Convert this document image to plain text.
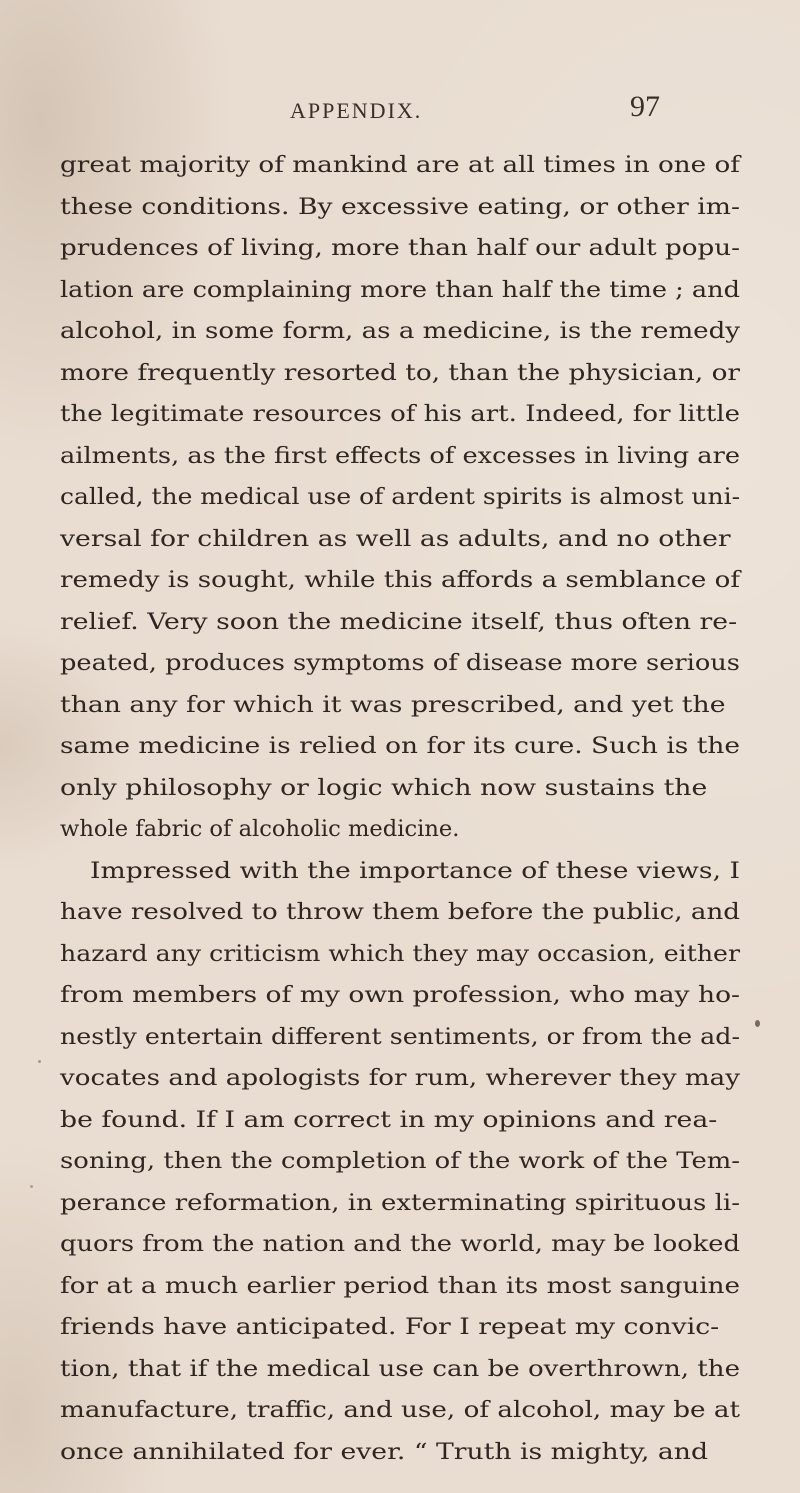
APPENDIX.	97
great majority of mankind are at all times in one of
these conditions. By excessive eating, or other im-
prudences of living, more than half our adult popu-
lation are complaining more than half the time ; and
alcohol, in some form, as a medicine, is the remedy
more frequently resorted to, than the physician, or
the legitimate resources of his art. Indeed, for little
ailments, as the first effects of excesses in living are
called, the medical use of ardent spirits is almost uni-
versal for children as well as adults, and no other
remedy is sought, while this affords a semblance of
relief. Very soon the medicine itself, thus often re-
peated, produces symptoms of disease more serious
than any for which it was prescribed, and yet the
same medicine is relied on for its cure. Such is the
only philosophy or logic which now sustains the
whole fabric of alcoholic medicine.
Impressed with the importance of these views, I
have resolved to throw them before the public, and
hazard any criticism which they may occasion, either
from members of my own profession, who may ho-
nestly entertain different sentiments, or from the ad-
vocates and apologists for rum, wherever they may
be found. If I am correct in my opinions and rea-
soning, then the completion of the work of the Tem-
perance reformation, in exterminating spirituous li-
quors from the nation and the world, may be looked
for at a much earlier period than its most sanguine
friends have anticipated. For I repeat my convic-
tion, that if the medical use can be overthrown, the
manufacture, traffic, and use, of alcohol, may be at
once annihilated for ever. “ Truth is mighty, and
